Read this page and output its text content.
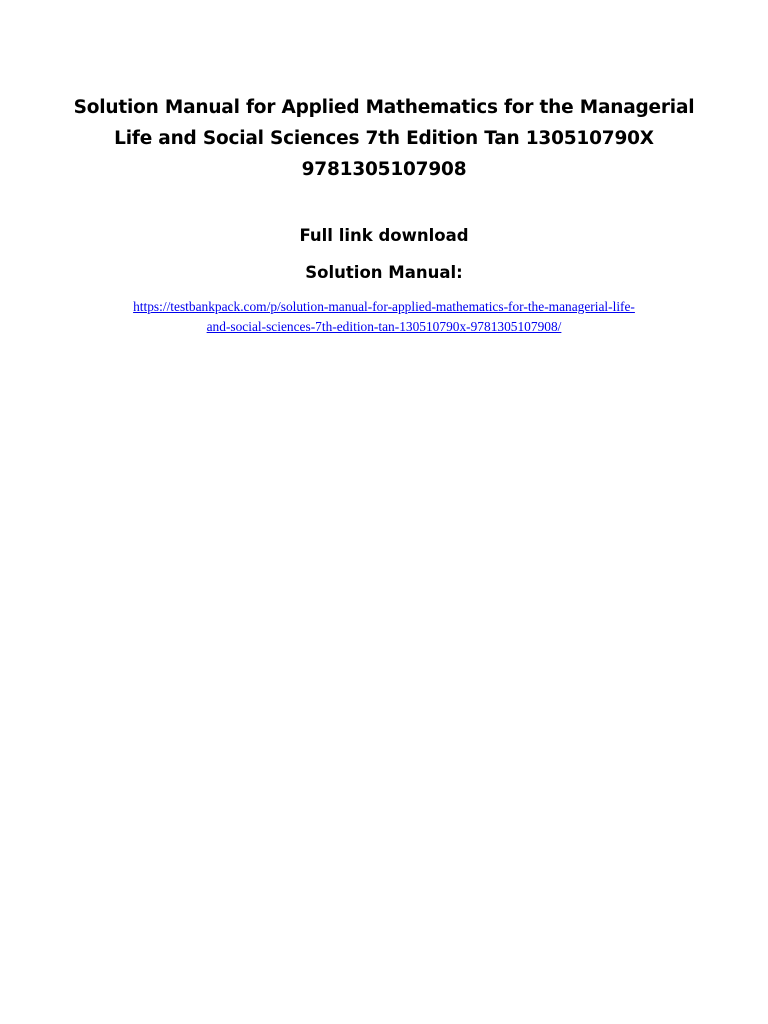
Solution Manual for Applied Mathematics for the Managerial
Life and Social Sciences 7th Edition Tan 130510790X
9781305107908
Full link download
Solution Manual:
https://testbankpack.com/p/solution-manual-for-applied-mathematics-for-the-managerial-life-
and-social-sciences-7th-edition-tan-130510790x-9781305107908/
